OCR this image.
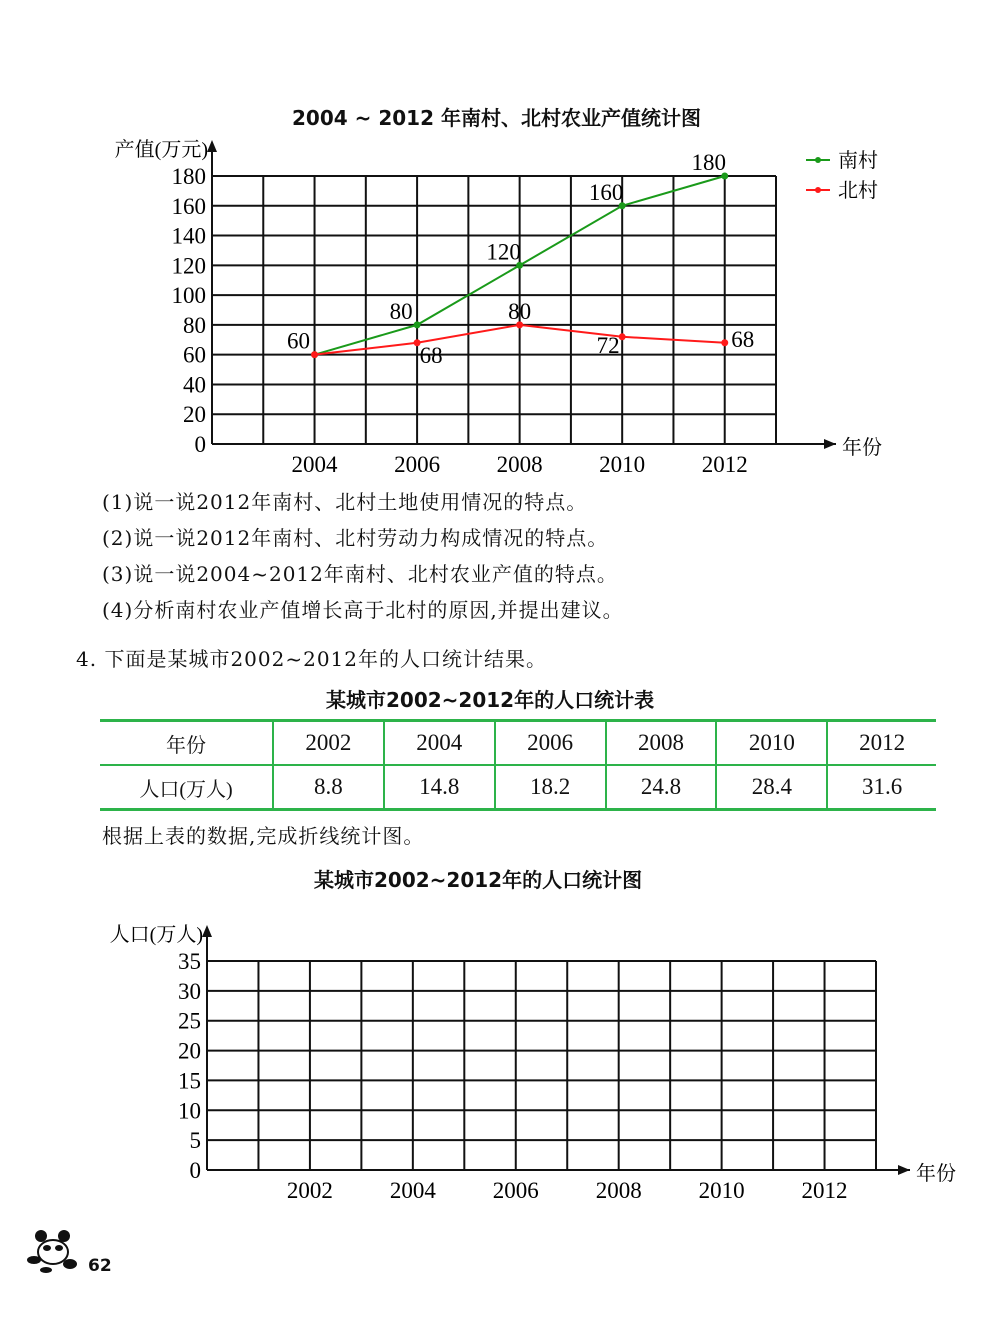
2004 ~ 2012 年南村、北村农业产值统计图
0
20
40
60
80
100
120
140
160
180
年份
产值(万元)
2004 2006 2008 2010 2012
60
80
120
160
180	南村
68
80
72	68
北村
(1)说一说2012年南村、北村土地使用情况的特点。
(2)说一说2012年南村、北村劳动力构成情况的特点。
(3)说一说2004~2012年南村、北村农业产值的特点。
(4)分析南村农业产值增长高于北村的原因,并提出建议。
4. 下面是某城市2002~2012年的人口统计结果。
某城市2002~2012年的人口统计表
年份	2002	2004	2006	2008	2010	2012
人口(万人)	8.8	14.8	18.2	24.8	28.4	31.6
根据上表的数据,完成折线统计图。
某城市2002~2012年的人口统计图
0
5
10
15
20
25
30
35
年份
人口(万人)
2002 2004 2006 2008 2010 2012
62
